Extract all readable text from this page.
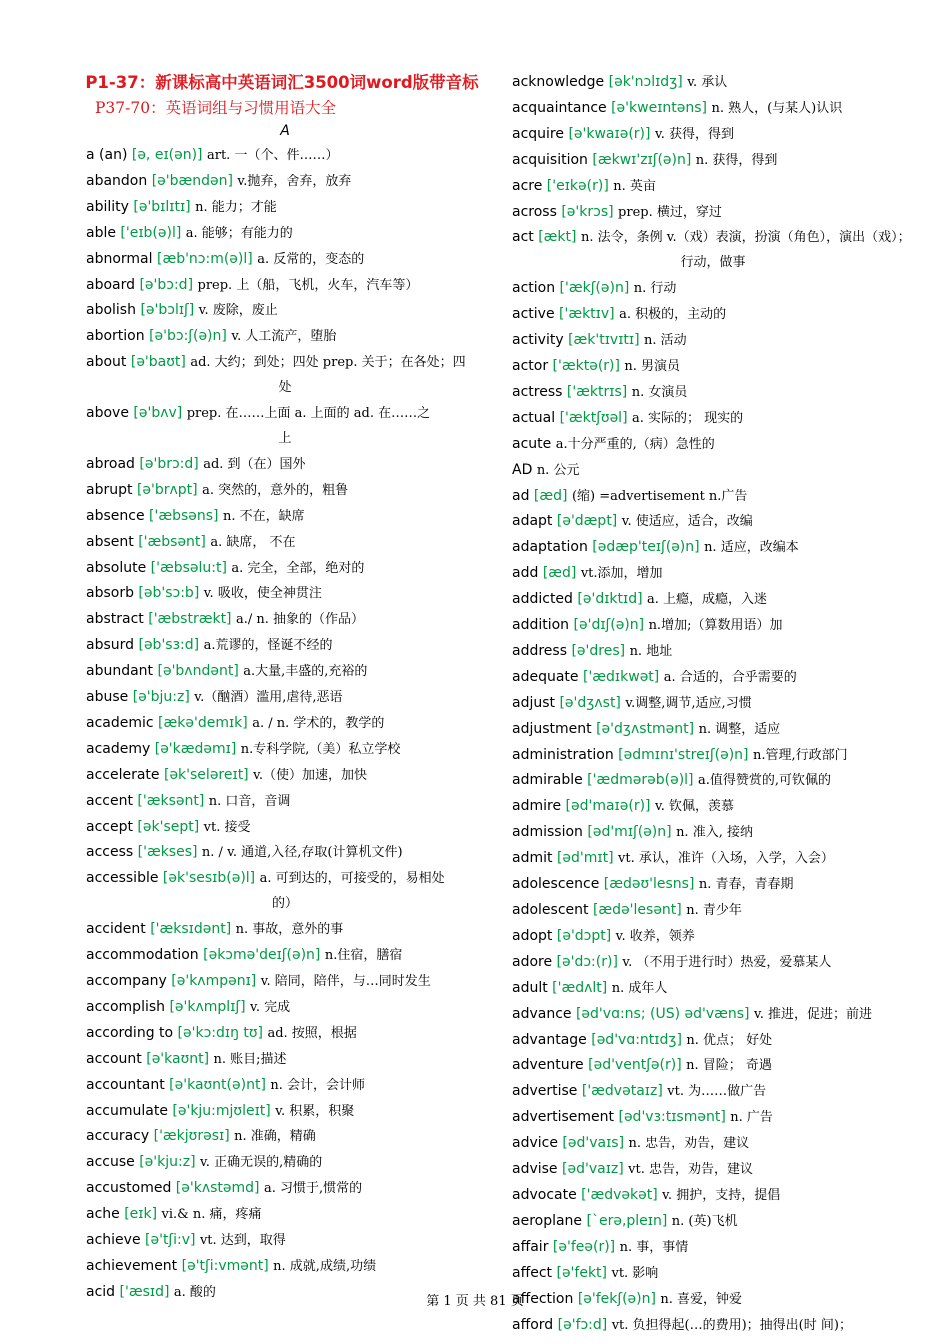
P1-37：新课标高中英语词汇3500词word版带音标
P37-70：英语词组与习惯用语大全
A
a (an) [ə, eɪ(ən)] art. 一（个、件……）
abandon [ə'bændən] v.抛弃，舍弃，放弃
ability [ə'bɪlɪtɪ] n. 能力；才能
able ['eɪb(ə)l] a. 能够；有能力的
abnormal [æb'nɔ:m(ə)l] a. 反常的，变态的
aboard [ə'bɔ:d] prep. 上（船，飞机，火车，汽车等）
abolish [ə'bɔlɪʃ] v. 废除，废止
abortion [ə'bɔ:ʃ(ə)n] v. 人工流产，堕胎
about [ə'baʊt] ad. 大约；到处；四处 prep. 关于；在各处；四
处
above [ə'bʌv] prep. 在……上面 a. 上面的 ad. 在……之
上
abroad [ə'brɔ:d] ad. 到（在）国外
abrupt [ə'brʌpt] a. 突然的，意外的，粗鲁
absence ['æbsəns] n. 不在，缺席
absent ['æbsənt] a. 缺席， 不在
absolute ['æbsəlu:t] a. 完全，全部，绝对的
absorb [əb'sɔ:b] v. 吸收，使全神贯注
abstract ['æbstrækt] a./ n. 抽象的（作品）
absurd [əb'sɜ:d] a.荒谬的，怪诞不经的
abundant [ə'bʌndənt] a.大量,丰盛的,充裕的
abuse [ə'bju:z] v.（酗酒）滥用,虐待,恶语
academic [ækə'demɪk] a. / n. 学术的，教学的
academy [ə'kædəmɪ] n.专科学院,（美）私立学校
accelerate [ək'seləreɪt] v.（使）加速，加快
accent ['æksənt] n. 口音，音调
accept [ək'sept] vt. 接受
access ['ækses] n. / v. 通道,入径,存取(计算机文件)
accessible [ək'sesɪb(ə)l] a. 可到达的，可接受的，易相处
的）
accident ['æksɪdənt] n. 事故，意外的事
accommodation [əkɔmə'deɪʃ(ə)n] n.住宿，膳宿
accompany [ə'kʌmpənɪ] v. 陪同，陪伴，与…同时发生
accomplish [ə'kʌmplɪʃ] v. 完成
according to [ə'kɔ:dɪŋ tʊ] ad. 按照，根据
account [ə'kaʊnt] n. 账目;描述
accountant [ə'kaʊnt(ə)nt] n. 会计，会计师
accumulate [ə'kju:mjʊleɪt] v. 积累，积聚
accuracy ['ækjʊrəsɪ] n. 准确，精确
accuse [ə'kju:z] v. 正确无误的,精确的
accustomed [ə'kʌstəmd] a. 习惯于,惯常的
ache [eɪk] vi.& n. 痛，疼痛
achieve [ə'tʃi:v] vt. 达到，取得
achievement [ə'tʃi:vmənt] n. 成就,成绩,功绩
acid ['æsɪd] a. 酸的
acknowledge [ək'nɔlɪdʒ] v. 承认
acquaintance [ə'kweɪntəns] n. 熟人，(与某人)认识
acquire [ə'kwaɪə(r)] v. 获得，得到
acquisition [ækwɪ'zɪʃ(ə)n] n. 获得，得到
acre ['eɪkə(r)] n. 英亩
across [ə'krɔs] prep. 横过，穿过
act [ækt] n. 法令，条例 v.（戏）表演，扮演（角色），演出（戏）；
行动，做事
action ['ækʃ(ə)n] n. 行动
active ['æktɪv] a. 积极的，主动的
activity [æk'tɪvɪtɪ] n. 活动
actor ['æktə(r)] n. 男演员
actress ['æktrɪs] n. 女演员
actual ['æktʃʊəl] a. 实际的； 现实的
acute a.十分严重的,（病）急性的
AD n. 公元
ad [æd] (缩) =advertisement n.广告
adapt [ə'dæpt] v. 使适应，适合，改编
adaptation [ədæp'teɪʃ(ə)n] n. 适应，改编本
add [æd] vt.添加，增加
addicted [ə'dɪktɪd] a. 上瘾，成瘾，入迷
addition [ə'dɪʃ(ə)n] n.增加;（算数用语）加
address [ə'dres] n. 地址
adequate ['ædɪkwət] a. 合适的，合乎需要的
adjust [ə'dʒʌst] v.调整,调节,适应,习惯
adjustment [ə'dʒʌstmənt] n. 调整，适应
administration [ədmɪnɪ'streɪʃ(ə)n] n.管理,行政部门
admirable ['ædmərəb(ə)l] a.值得赞赏的,可钦佩的
admire [əd'maɪə(r)] v. 钦佩，羡慕
admission [əd'mɪʃ(ə)n] n. 准入, 接纳
admit [əd'mɪt] vt. 承认，准许（入场，入学，入会）
adolescence [ædəʊ'lesns] n. 青春，青春期
adolescent [ædə'lesənt] n. 青少年
adopt [ə'dɔpt] v. 收养，领养
adore [ə'dɔ:(r)] v. （不用于进行时）热爱，爱慕某人
adult ['ædʌlt] n. 成年人
advance [əd'vɑ:ns; (US) əd'væns] v. 推进，促进；前进
advantage [əd'vɑ:ntɪdʒ] n. 优点； 好处
adventure [əd'ventʃə(r)] n. 冒险； 奇遇
advertise ['ædvətaɪz] vt. 为……做广告
advertisement [əd'vɜ:tɪsmənt] n. 广告
advice [əd'vaɪs] n. 忠告，劝告，建议
advise [əd'vaɪz] vt. 忠告，劝告，建议
advocate ['ædvəkət] v. 拥护，支持，提倡
aeroplane [`erə,pleɪn] n. (英)飞机
affair [ə'feə(r)] n. 事，事情
affect [ə'fekt] vt. 影响
affection [ə'fekʃ(ə)n] n. 喜爱，钟爱
afford [ə'fɔ:d] vt. 负担得起(…的费用)；抽得出(时 间)；
第 1 页 共 81 页
